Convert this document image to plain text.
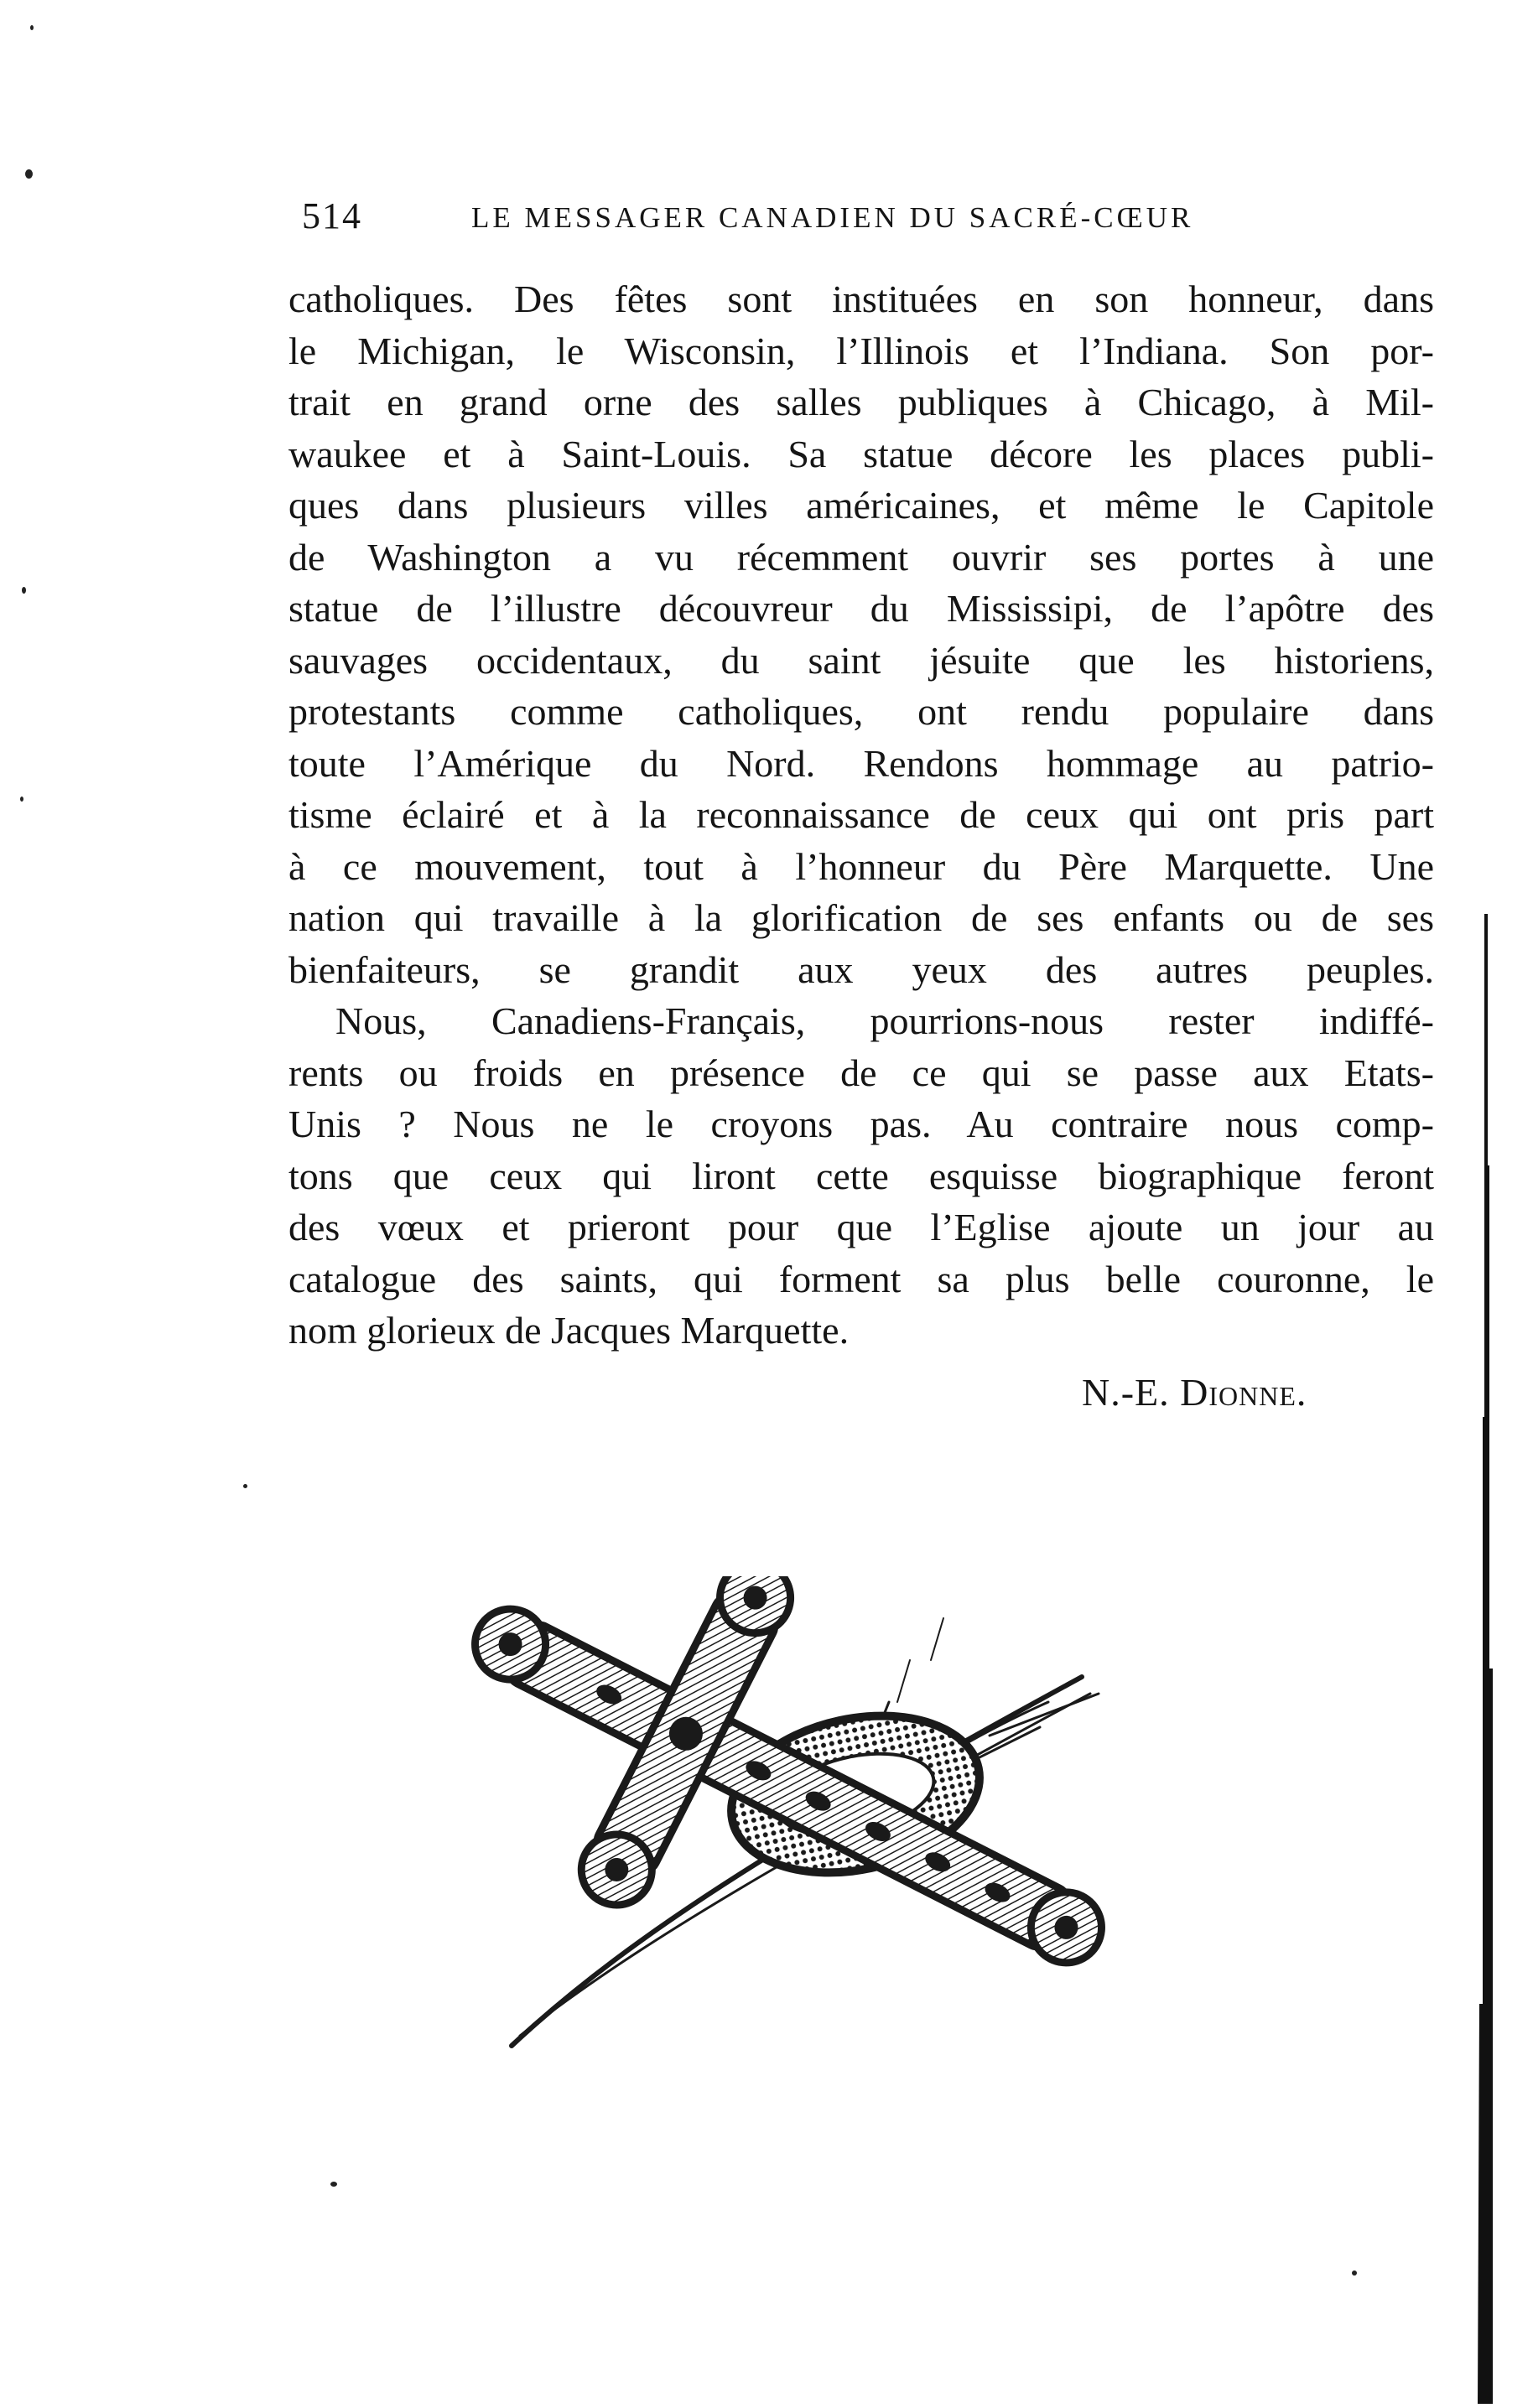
514	LE MESSAGER CANADIEN DU SACRÉ-CŒUR
catholiques. Des fêtes sont instituées en son honneur, dans
le Michigan, le Wisconsin, l’Illinois et l’Indiana. Son por-
trait en grand orne des salles publiques à Chicago, à Mil-
waukee et à Saint-Louis. Sa statue décore les places publi-
ques dans plusieurs villes américaines, et même le Capitole
de Washington a vu récemment ouvrir ses portes à une
statue de l’illustre découvreur du Mississipi, de l’apôtre des
sauvages occidentaux, du saint jésuite que les historiens,
protestants comme catholiques, ont rendu populaire dans
toute l’Amérique du Nord. Rendons hommage au patrio-
tisme éclairé et à la reconnaissance de ceux qui ont pris part
à ce mouvement, tout à l’honneur du Père Marquette. Une
nation qui travaille à la glorification de ses enfants ou de ses
bienfaiteurs, se grandit aux yeux des autres peuples.
Nous, Canadiens-Français, pourrions-nous rester indiffé-
rents ou froids en présence de ce qui se passe aux Etats-
Unis ? Nous ne le croyons pas. Au contraire nous comp-
tons que ceux qui liront cette esquisse biographique feront
des vœux et prieront pour que l’Eglise ajoute un jour au
catalogue des saints, qui forment sa plus belle couronne, le
nom glorieux de Jacques Marquette.
N.-E. Dionne.
